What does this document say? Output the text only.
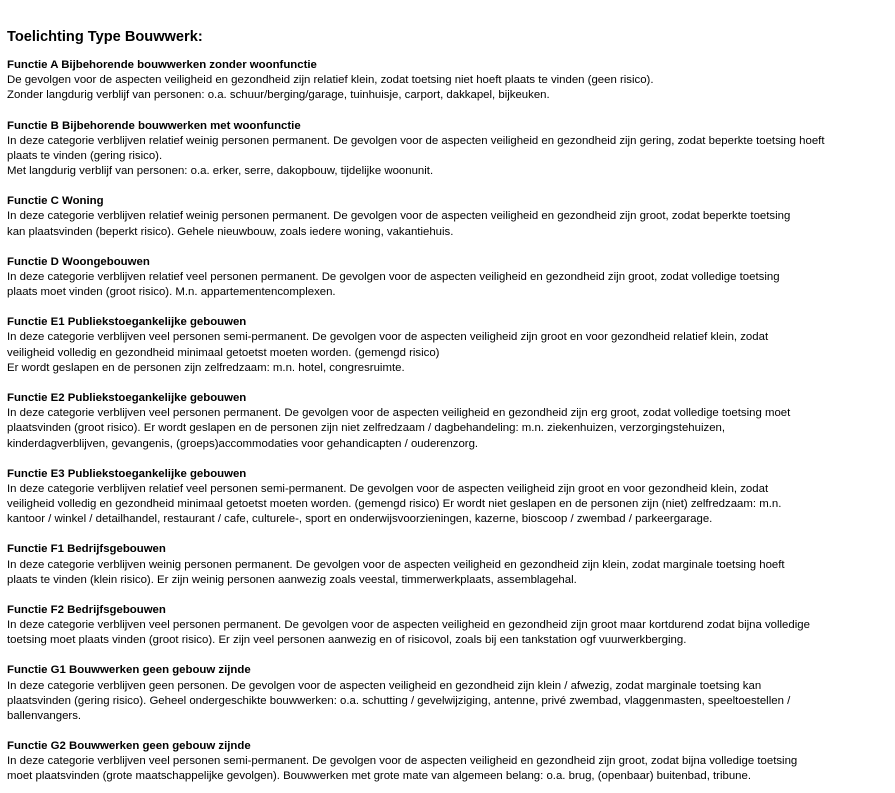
Toelichting Type Bouwwerk:
Functie A Bijbehorende bouwwerken zonder woonfunctie
De gevolgen voor de aspecten veiligheid en gezondheid zijn relatief klein, zodat toetsing niet hoeft plaats te vinden (geen risico).
Zonder langdurig verblijf van personen: o.a. schuur/berging/garage, tuinhuisje, carport, dakkapel, bijkeuken.
Functie B Bijbehorende bouwwerken met woonfunctie
In deze categorie verblijven relatief weinig personen permanent. De gevolgen voor de aspecten veiligheid en gezondheid zijn gering, zodat beperkte toetsing hoeft
plaats te vinden (gering risico).
Met langdurig verblijf van personen: o.a. erker, serre, dakopbouw, tijdelijke woonunit.
Functie C Woning
In deze categorie verblijven relatief weinig personen permanent. De gevolgen voor de aspecten veiligheid en gezondheid zijn groot, zodat beperkte toetsing
kan plaatsvinden (beperkt risico). Gehele nieuwbouw, zoals iedere woning, vakantiehuis.
Functie D Woongebouwen
In deze categorie verblijven relatief veel personen permanent. De gevolgen voor de aspecten veiligheid en gezondheid zijn groot, zodat volledige toetsing
plaats moet vinden (groot risico). M.n. appartementencomplexen.
Functie E1 Publiekstoegankelijke gebouwen
In deze categorie verblijven veel personen semi-permanent. De gevolgen voor de aspecten veiligheid zijn groot en voor gezondheid relatief klein, zodat
veiligheid volledig en gezondheid minimaal getoetst moeten worden. (gemengd risico)
Er wordt geslapen en de personen zijn zelfredzaam: m.n. hotel, congresruimte.
Functie E2 Publiekstoegankelijke gebouwen
In deze categorie verblijven veel personen permanent. De gevolgen voor de aspecten veiligheid en gezondheid zijn erg groot, zodat volledige toetsing moet
plaatsvinden (groot risico). Er wordt geslapen en de personen zijn niet zelfredzaam / dagbehandeling: m.n. ziekenhuizen, verzorgingstehuizen,
kinderdagverblijven, gevangenis, (groeps)accommodaties voor gehandicapten / ouderenzorg.
Functie E3 Publiekstoegankelijke gebouwen
In deze categorie verblijven relatief veel personen semi-permanent. De gevolgen voor de aspecten veiligheid zijn groot en voor gezondheid klein, zodat
veiligheid volledig en gezondheid minimaal getoetst moeten worden. (gemengd risico) Er wordt niet geslapen en de personen zijn (niet) zelfredzaam: m.n.
kantoor / winkel / detailhandel, restaurant / cafe, culturele-, sport en onderwijsvoorzieningen, kazerne, bioscoop / zwembad / parkeergarage.
Functie F1 Bedrijfsgebouwen
In deze categorie verblijven weinig personen permanent. De gevolgen voor de aspecten veiligheid en gezondheid zijn klein, zodat marginale toetsing hoeft
plaats te vinden (klein risico). Er zijn weinig personen aanwezig zoals veestal, timmerwerkplaats, assemblagehal.
Functie F2 Bedrijfsgebouwen
In deze categorie verblijven veel personen permanent. De gevolgen voor de aspecten veiligheid en gezondheid zijn groot maar kortdurend zodat bijna volledige
toetsing moet plaats vinden (groot risico). Er zijn veel personen aanwezig en of risicovol, zoals bij een tankstation ogf vuurwerkberging.
Functie G1 Bouwwerken geen gebouw zijnde
In deze categorie verblijven geen personen. De gevolgen voor de aspecten veiligheid en gezondheid zijn klein / afwezig, zodat marginale toetsing kan
plaatsvinden (gering risico). Geheel ondergeschikte bouwwerken: o.a. schutting / gevelwijziging, antenne, privé zwembad, vlaggenmasten, speeltoestellen /
ballenvangers.
Functie G2 Bouwwerken geen gebouw zijnde
In deze categorie verblijven veel personen semi-permanent. De gevolgen voor de aspecten veiligheid en gezondheid zijn groot, zodat bijna volledige toetsing
moet plaatsvinden (grote maatschappelijke gevolgen). Bouwwerken met grote mate van algemeen belang: o.a. brug, (openbaar) buitenbad, tribune.
